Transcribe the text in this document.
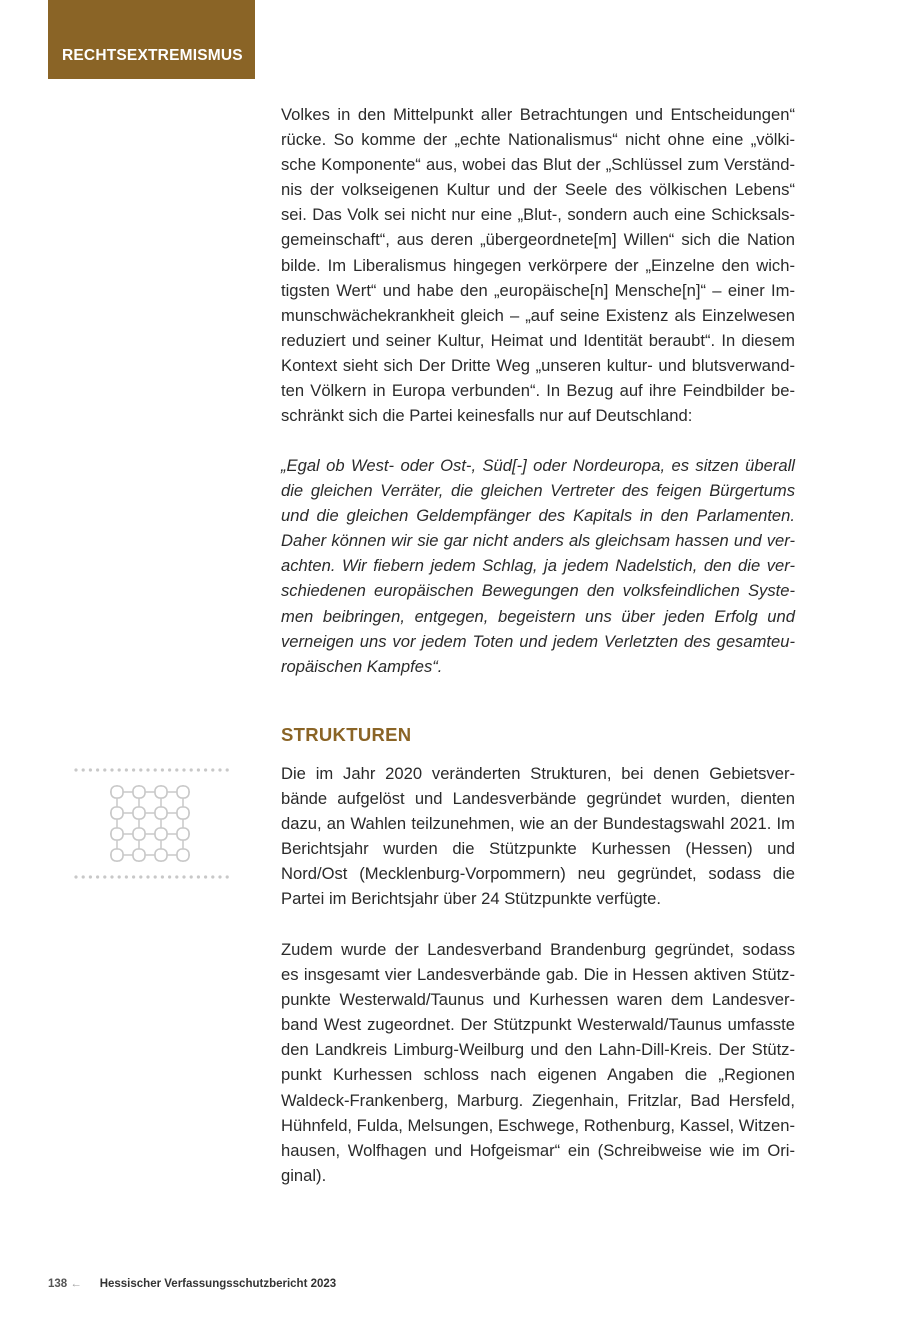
RECHTSEXTREMISMUS

Volkes in den Mittelpunkt aller Betrachtungen und Entscheidungen“
rücke. So komme der „echte Nationalismus“ nicht ohne eine „völki-
sche Komponente“ aus, wobei das Blut der „Schlüssel zum Verständ-
nis der volkseigenen Kultur und der Seele des völkischen Lebens“
sei. Das Volk sei nicht nur eine „Blut-, sondern auch eine Schicksals-
gemeinschaft“, aus deren „übergeordnete[m] Willen“ sich die Nation
bilde. Im Liberalismus hingegen verkörpere der „Einzelne den wich-
tigsten Wert“ und habe den „europäische[n] Mensche[n]“ – einer Im-
munschwächekrankheit gleich – „auf seine Existenz als Einzelwesen
reduziert und seiner Kultur, Heimat und Identität beraubt“. In diesem
Kontext sieht sich Der Dritte Weg „unseren kultur- und blutsverwand-
ten Völkern in Europa verbunden“. In Bezug auf ihre Feindbilder be-
schränkt sich die Partei keinesfalls nur auf Deutschland:

„Egal ob West- oder Ost-, Süd[-] oder Nordeuropa, es sitzen überall
die gleichen Verräter, die gleichen Vertreter des feigen Bürgertums
und die gleichen Geldempfänger des Kapitals in den Parlamenten.
Daher können wir sie gar nicht anders als gleichsam hassen und ver-
achten. Wir fiebern jedem Schlag, ja jedem Nadelstich, den die ver-
schiedenen europäischen Bewegungen den volksfeindlichen Syste-
men beibringen, entgegen, begeistern uns über jeden Erfolg und
verneigen uns vor jedem Toten und jedem Verletzten des gesamteu-
ropäischen Kampfes“.

STRUKTUREN

Die im Jahr 2020 veränderten Strukturen, bei denen Gebietsver-
bände aufgelöst und Landesverbände gegründet wurden, dienten
dazu, an Wahlen teilzunehmen, wie an der Bundestagswahl 2021. Im
Berichtsjahr wurden die Stützpunkte Kurhessen (Hessen) und
Nord/Ost (Mecklenburg-Vorpommern) neu gegründet, sodass die
Partei im Berichtsjahr über 24 Stützpunkte verfügte.

Zudem wurde der Landesverband Brandenburg gegründet, sodass
es insgesamt vier Landesverbände gab. Die in Hessen aktiven Stütz-
punkte Westerwald/Taunus und Kurhessen waren dem Landesver-
band West zugeordnet. Der Stützpunkt Westerwald/Taunus umfasste
den Landkreis Limburg-Weilburg und den Lahn-Dill-Kreis. Der Stütz-
punkt Kurhessen schloss nach eigenen Angaben die „Regionen
Waldeck-Frankenberg, Marburg. Ziegenhain, Fritzlar, Bad Hersfeld,
Hühnfeld, Fulda, Melsungen, Eschwege, Rothenburg, Kassel, Witzen-
hausen, Wolfhagen und Hofgeismar“ ein (Schreibweise wie im Ori-
ginal).

138 ← Hessischer Verfassungsschutzbericht 2023
